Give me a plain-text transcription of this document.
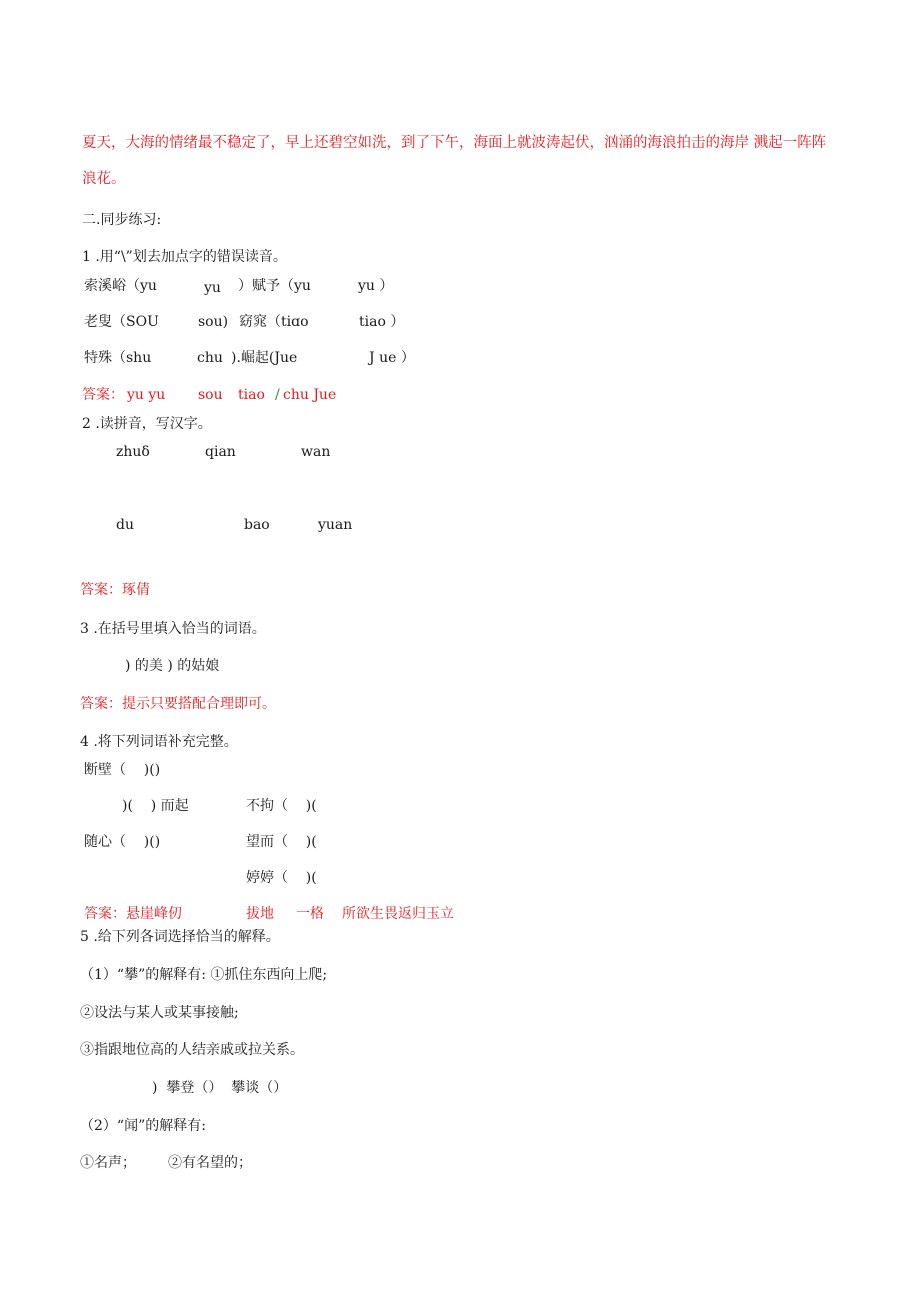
夏天，大海的情绪最不稳定了，早上还碧空如洗，到了下午，海面上就波涛起伏，汹涌的海浪拍击的海岸 溅起一阵阵
浪花。
二.同步练习:
1 .用“\”划去加点字的错误读音。
索溪峪（yu	yu ）赋予（yu	yu ）
老叟（SOU	sou) 窈窕（tiɑo	tiao ）
特殊（shu	chu ).崛起(Jue	J ue ）
答案： yu yu sou tiao / chu Jue
2 .读拼音，写汉字。
zhuδ	qian	wan
du	bao	yuan
答案：琢倩
3 .在括号里填入恰当的词语。
) 的美 ) 的姑娘
答案：提示只要搭配合理即可。
4 .将下列词语补充完整。
断壁（    )()
)(    ) 而起	不拘（    )(
随心（    )()	望而（    )(
婷婷（    )(
答案：悬崖峰仞	拔地 一格 所欲生畏返归玉立
5 .给下列各词选择恰当的解释。
（1）“攀”的解释有: ①抓住东西向上爬;
②设法与某人或某事接触;
③指跟地位高的人结亲戚或拉关系。
)  攀登（）  攀谈（）
（2）“闻”的解释有:
①名声； ②有名望的；
